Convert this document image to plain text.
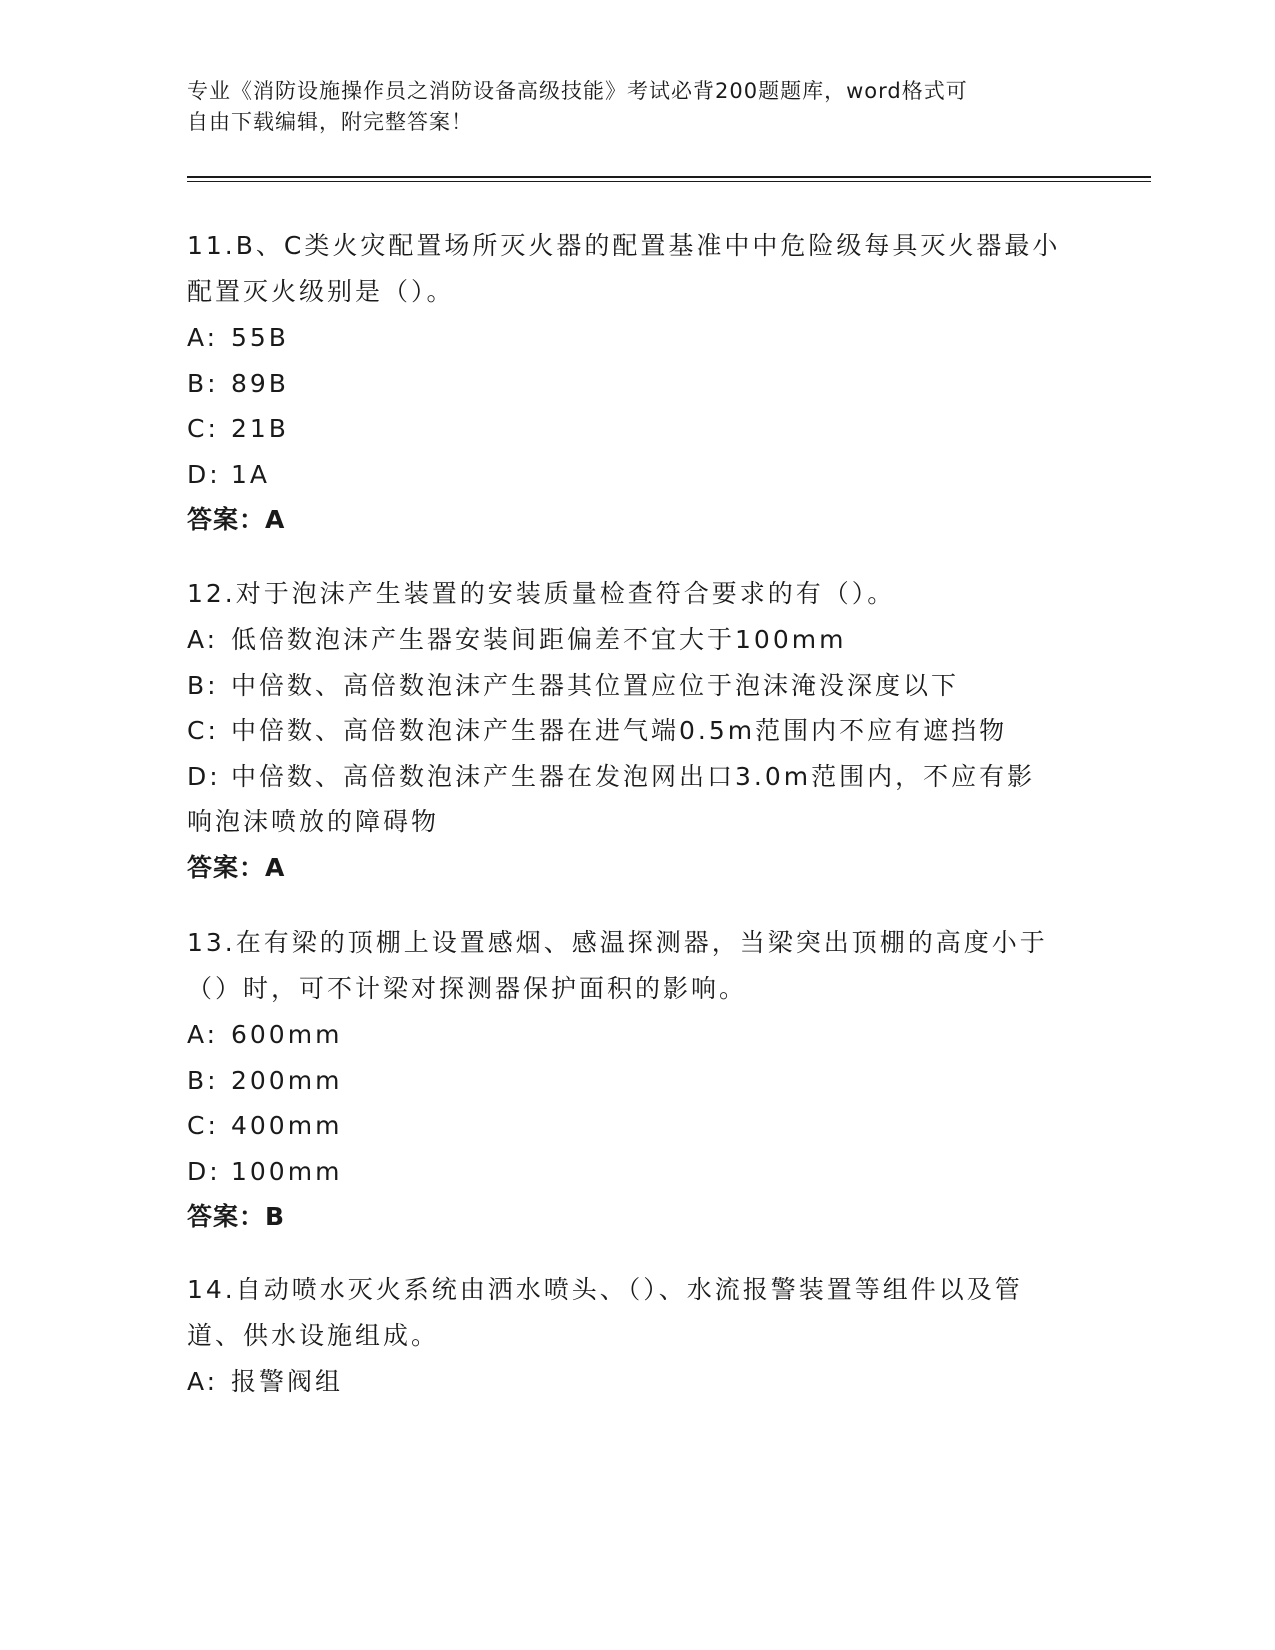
专业《消防设施操作员之消防设备高级技能》考试必背200题题库，word格式可
自由下载编辑，附完整答案！

11.B、C类火灾配置场所灭火器的配置基准中中危险级每具灭火器最小

配置灭火级别是（）。

A: 55B
B: 89B
C: 21B
D: 1A

答案：A

12.对于泡沫产生装置的安装质量检查符合要求的有（）。

A: 低倍数泡沫产生器安装间距偏差不宜大于100mm
B: 中倍数、高倍数泡沫产生器其位置应位于泡沫淹没深度以下
C: 中倍数、高倍数泡沫产生器在进气端0.5m范围内不应有遮挡物
D: 中倍数、高倍数泡沫产生器在发泡网出口3.0m范围内，不应有影
响泡沫喷放的障碍物

答案：A

13.在有梁的顶棚上设置感烟、感温探测器，当梁突出顶棚的高度小于

（）时，可不计梁对探测器保护面积的影响。

A: 600mm
B: 200mm
C: 400mm
D: 100mm

答案：B

14.自动喷水灭火系统由洒水喷头、（）、水流报警装置等组件以及管

道、供水设施组成。

A: 报警阀组
